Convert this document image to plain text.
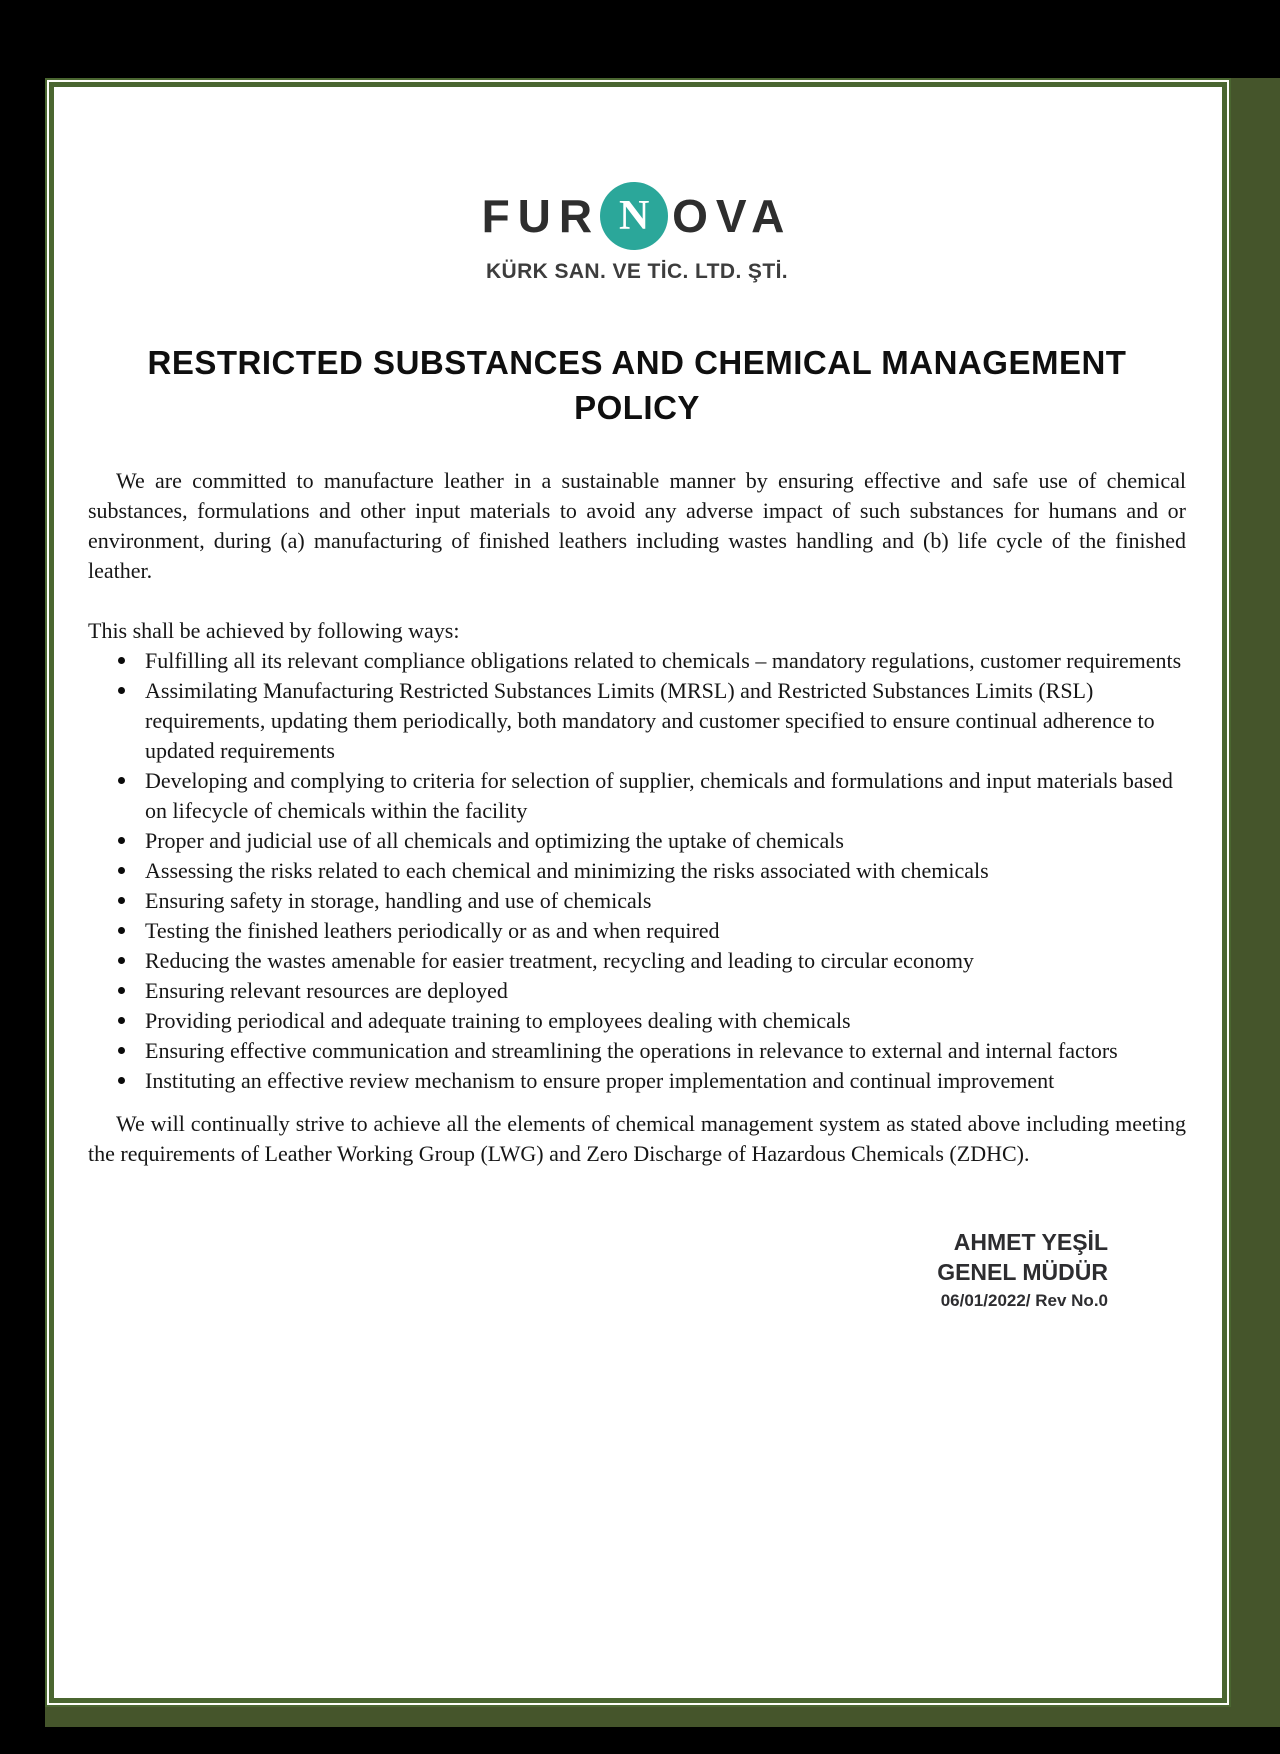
FUR N OVA
KÜRK SAN. VE TİC. LTD. ŞTİ.
RESTRICTED SUBSTANCES AND CHEMICAL MANAGEMENT POLICY

We are committed to manufacture leather in a sustainable manner by ensuring effective and safe use of chemical substances, formulations and other input materials to avoid any adverse impact of such substances for humans and or environment, during (a) manufacturing of finished leathers including wastes handling and (b) life cycle of the finished leather.

This shall be achieved by following ways:

Fulfilling all its relevant compliance obligations related to chemicals – mandatory regulations, customer requirements
Assimilating Manufacturing Restricted Substances Limits (MRSL) and Restricted Substances Limits (RSL) requirements, updating them periodically, both mandatory and customer specified to ensure continual adherence to updated requirements
Developing and complying to criteria for selection of supplier, chemicals and formulations and input materials based on lifecycle of chemicals within the facility
Proper and judicial use of all chemicals and optimizing the uptake of chemicals
Assessing the risks related to each chemical and minimizing the risks associated with chemicals
Ensuring safety in storage, handling and use of chemicals
Testing the finished leathers periodically or as and when required
Reducing the wastes amenable for easier treatment, recycling and leading to circular economy
Ensuring relevant resources are deployed
Providing periodical and adequate training to employees dealing with chemicals
Ensuring effective communication and streamlining the operations in relevance to external and internal factors
Instituting an effective review mechanism to ensure proper implementation and continual improvement

We will continually strive to achieve all the elements of chemical management system as stated above including meeting the requirements of Leather Working Group (LWG) and Zero Discharge of Hazardous Chemicals (ZDHC).

AHMET YEŞİL
GENEL MÜDÜR
06/01/2022/ Rev No.0
